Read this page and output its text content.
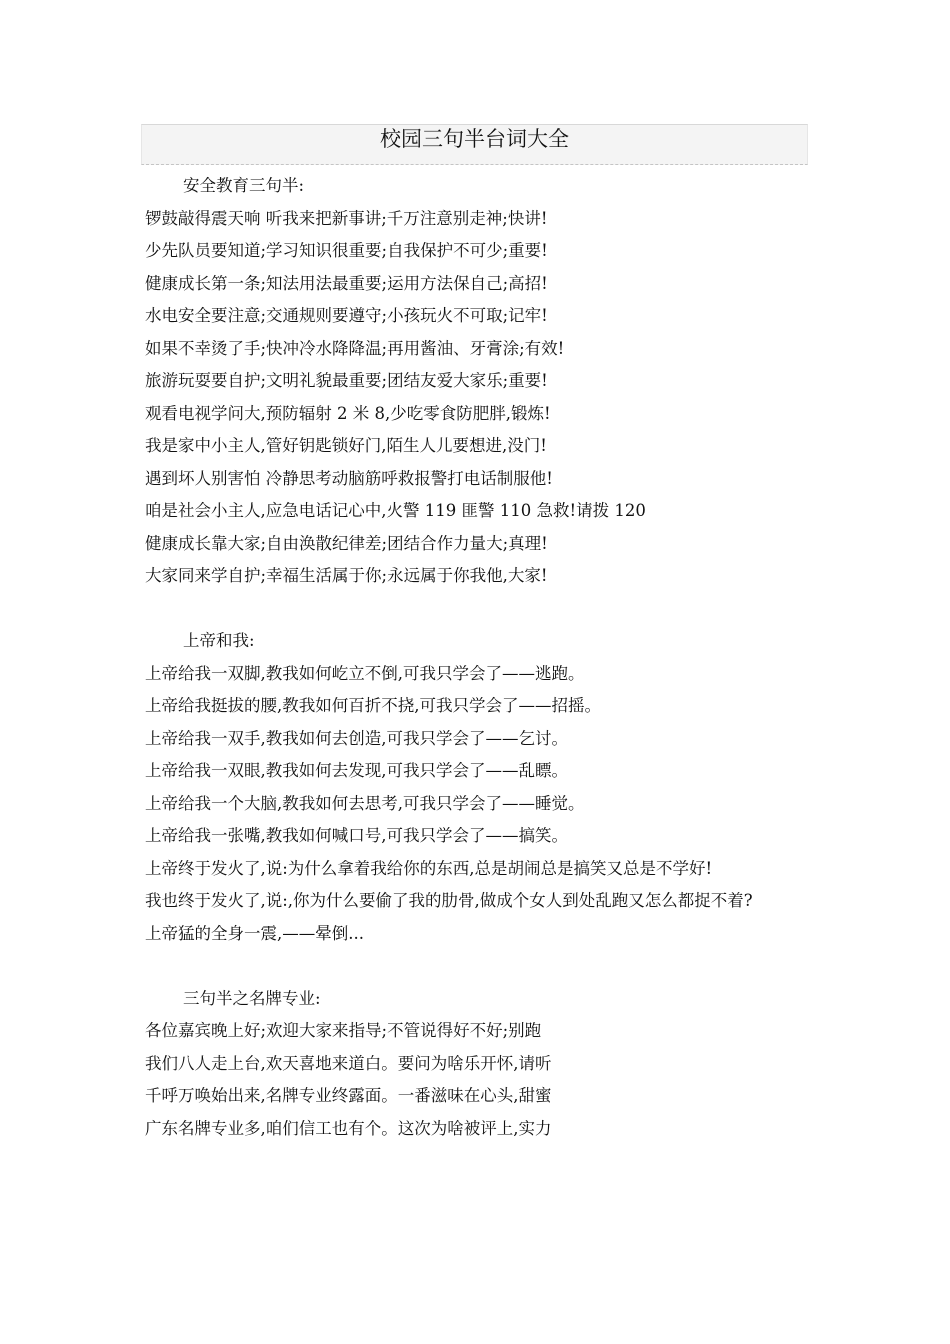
校园三句半台词大全
安全教育三句半:
锣鼓敲得震天响 听我来把新事讲;千万注意别走神;快讲!
少先队员要知道;学习知识很重要;自我保护不可少;重要!
健康成长第一条;知法用法最重要;运用方法保自己;高招!
水电安全要注意;交通规则要遵守;小孩玩火不可取;记牢!
如果不幸烫了手;快冲冷水降降温;再用酱油、牙膏涂;有效!
旅游玩耍要自护;文明礼貌最重要;团结友爱大家乐;重要!
观看电视学问大,预防辐射 2 米 8,少吃零食防肥胖,锻炼!
我是家中小主人,管好钥匙锁好门,陌生人儿要想进,没门!
遇到坏人别害怕 冷静思考动脑筋呼救报警打电话制服他!
咱是社会小主人,应急电话记心中,火警 119 匪警 110 急救!请拨 120
健康成长靠大家;自由涣散纪律差;团结合作力量大;真理!
大家同来学自护;幸福生活属于你;永远属于你我他,大家!
上帝和我:
上帝给我一双脚,教我如何屹立不倒,可我只学会了——逃跑。
上帝给我挺拔的腰,教我如何百折不挠,可我只学会了——招摇。
上帝给我一双手,教我如何去创造,可我只学会了——乞讨。
上帝给我一双眼,教我如何去发现,可我只学会了——乱瞟。
上帝给我一个大脑,教我如何去思考,可我只学会了——睡觉。
上帝给我一张嘴,教我如何喊口号,可我只学会了——搞笑。
上帝终于发火了,说:为什么拿着我给你的东西,总是胡闹总是搞笑又总是不学好!
我也终于发火了,说:,你为什么要偷了我的肋骨,做成个女人到处乱跑又怎么都捉不着?
上帝猛的全身一震,——晕倒...
三句半之名牌专业:
各位嘉宾晚上好;欢迎大家来指导;不管说得好不好;别跑
我们八人走上台,欢天喜地来道白。要问为啥乐开怀,请听
千呼万唤始出来,名牌专业终露面。一番滋味在心头,甜蜜
广东名牌专业多,咱们信工也有个。这次为啥被评上,实力
